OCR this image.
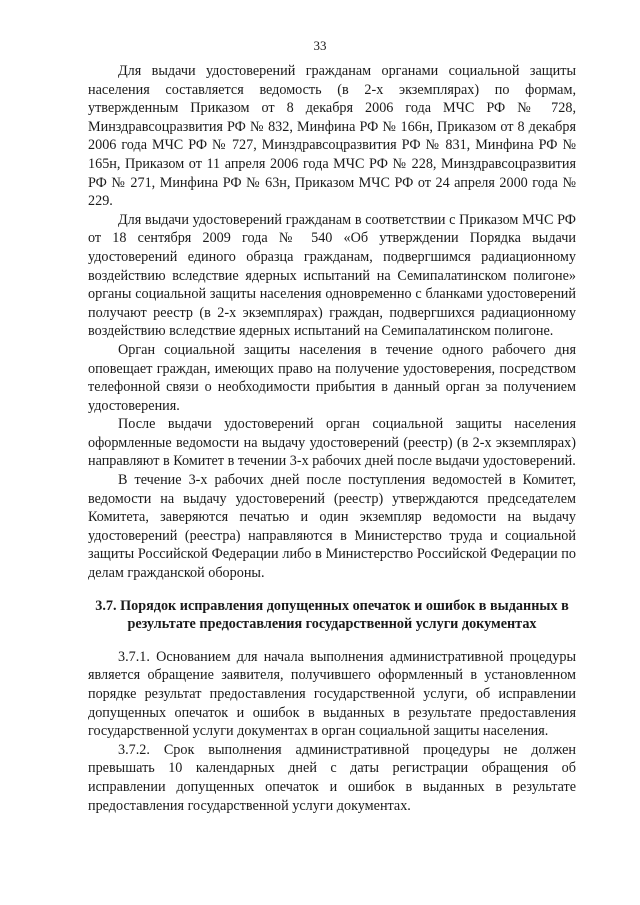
33

Для выдачи удостоверений гражданам органами социальной защиты населения составляется ведомость (в 2-х экземплярах) по формам, утвержденным Приказом от 8 декабря 2006 года МЧС РФ № 728, Минздравсоцразвития РФ № 832, Минфина РФ № 166н, Приказом от 8 декабря 2006 года МЧС РФ № 727, Минздравсоцразвития РФ № 831, Минфина РФ № 165н, Приказом от 11 апреля 2006 года МЧС РФ № 228, Минздравсоцразвития РФ № 271, Минфина РФ № 63н, Приказом МЧС РФ от 24 апреля 2000 года № 229.

Для выдачи удостоверений гражданам в соответствии с Приказом МЧС РФ от 18 сентября 2009 года № 540 «Об утверждении Порядка выдачи удостоверений единого образца гражданам, подвергшимся радиационному воздействию вследствие ядерных испытаний на Семипалатинском полигоне» органы социальной защиты населения одновременно с бланками удостоверений получают реестр (в 2-х экземплярах) граждан, подвергшихся радиационному воздействию вследствие ядерных испытаний на Семипалатинском полигоне.

Орган социальной защиты населения в течение одного рабочего дня оповещает граждан, имеющих право на получение удостоверения, посредством телефонной связи о необходимости прибытия в данный орган за получением удостоверения.

После выдачи удостоверений орган социальной защиты населения оформленные ведомости на выдачу удостоверений (реестр) (в 2-х экземплярах) направляют в Комитет в течении 3-х рабочих дней после выдачи удостоверений.

В течение 3-х рабочих дней после поступления ведомостей в Комитет, ведомости на выдачу удостоверений (реестр) утверждаются председателем Комитета, заверяются печатью и один экземпляр ведомости на выдачу удостоверений (реестра) направляются в Министерство труда и социальной защиты Российской Федерации либо в Министерство Российской Федерации по делам гражданской обороны.

3.7. Порядок исправления допущенных опечаток и ошибок в выданных в результате предоставления государственной услуги документах

3.7.1. Основанием для начала выполнения административной процедуры является обращение заявителя, получившего оформленный в установленном порядке результат предоставления государственной услуги, об исправлении допущенных опечаток и ошибок в выданных в результате предоставления государственной услуги документах в орган социальной защиты населения.

3.7.2. Срок выполнения административной процедуры не должен превышать 10 календарных дней с даты регистрации обращения об исправлении допущенных опечаток и ошибок в выданных в результате предоставления государственной услуги документах.
